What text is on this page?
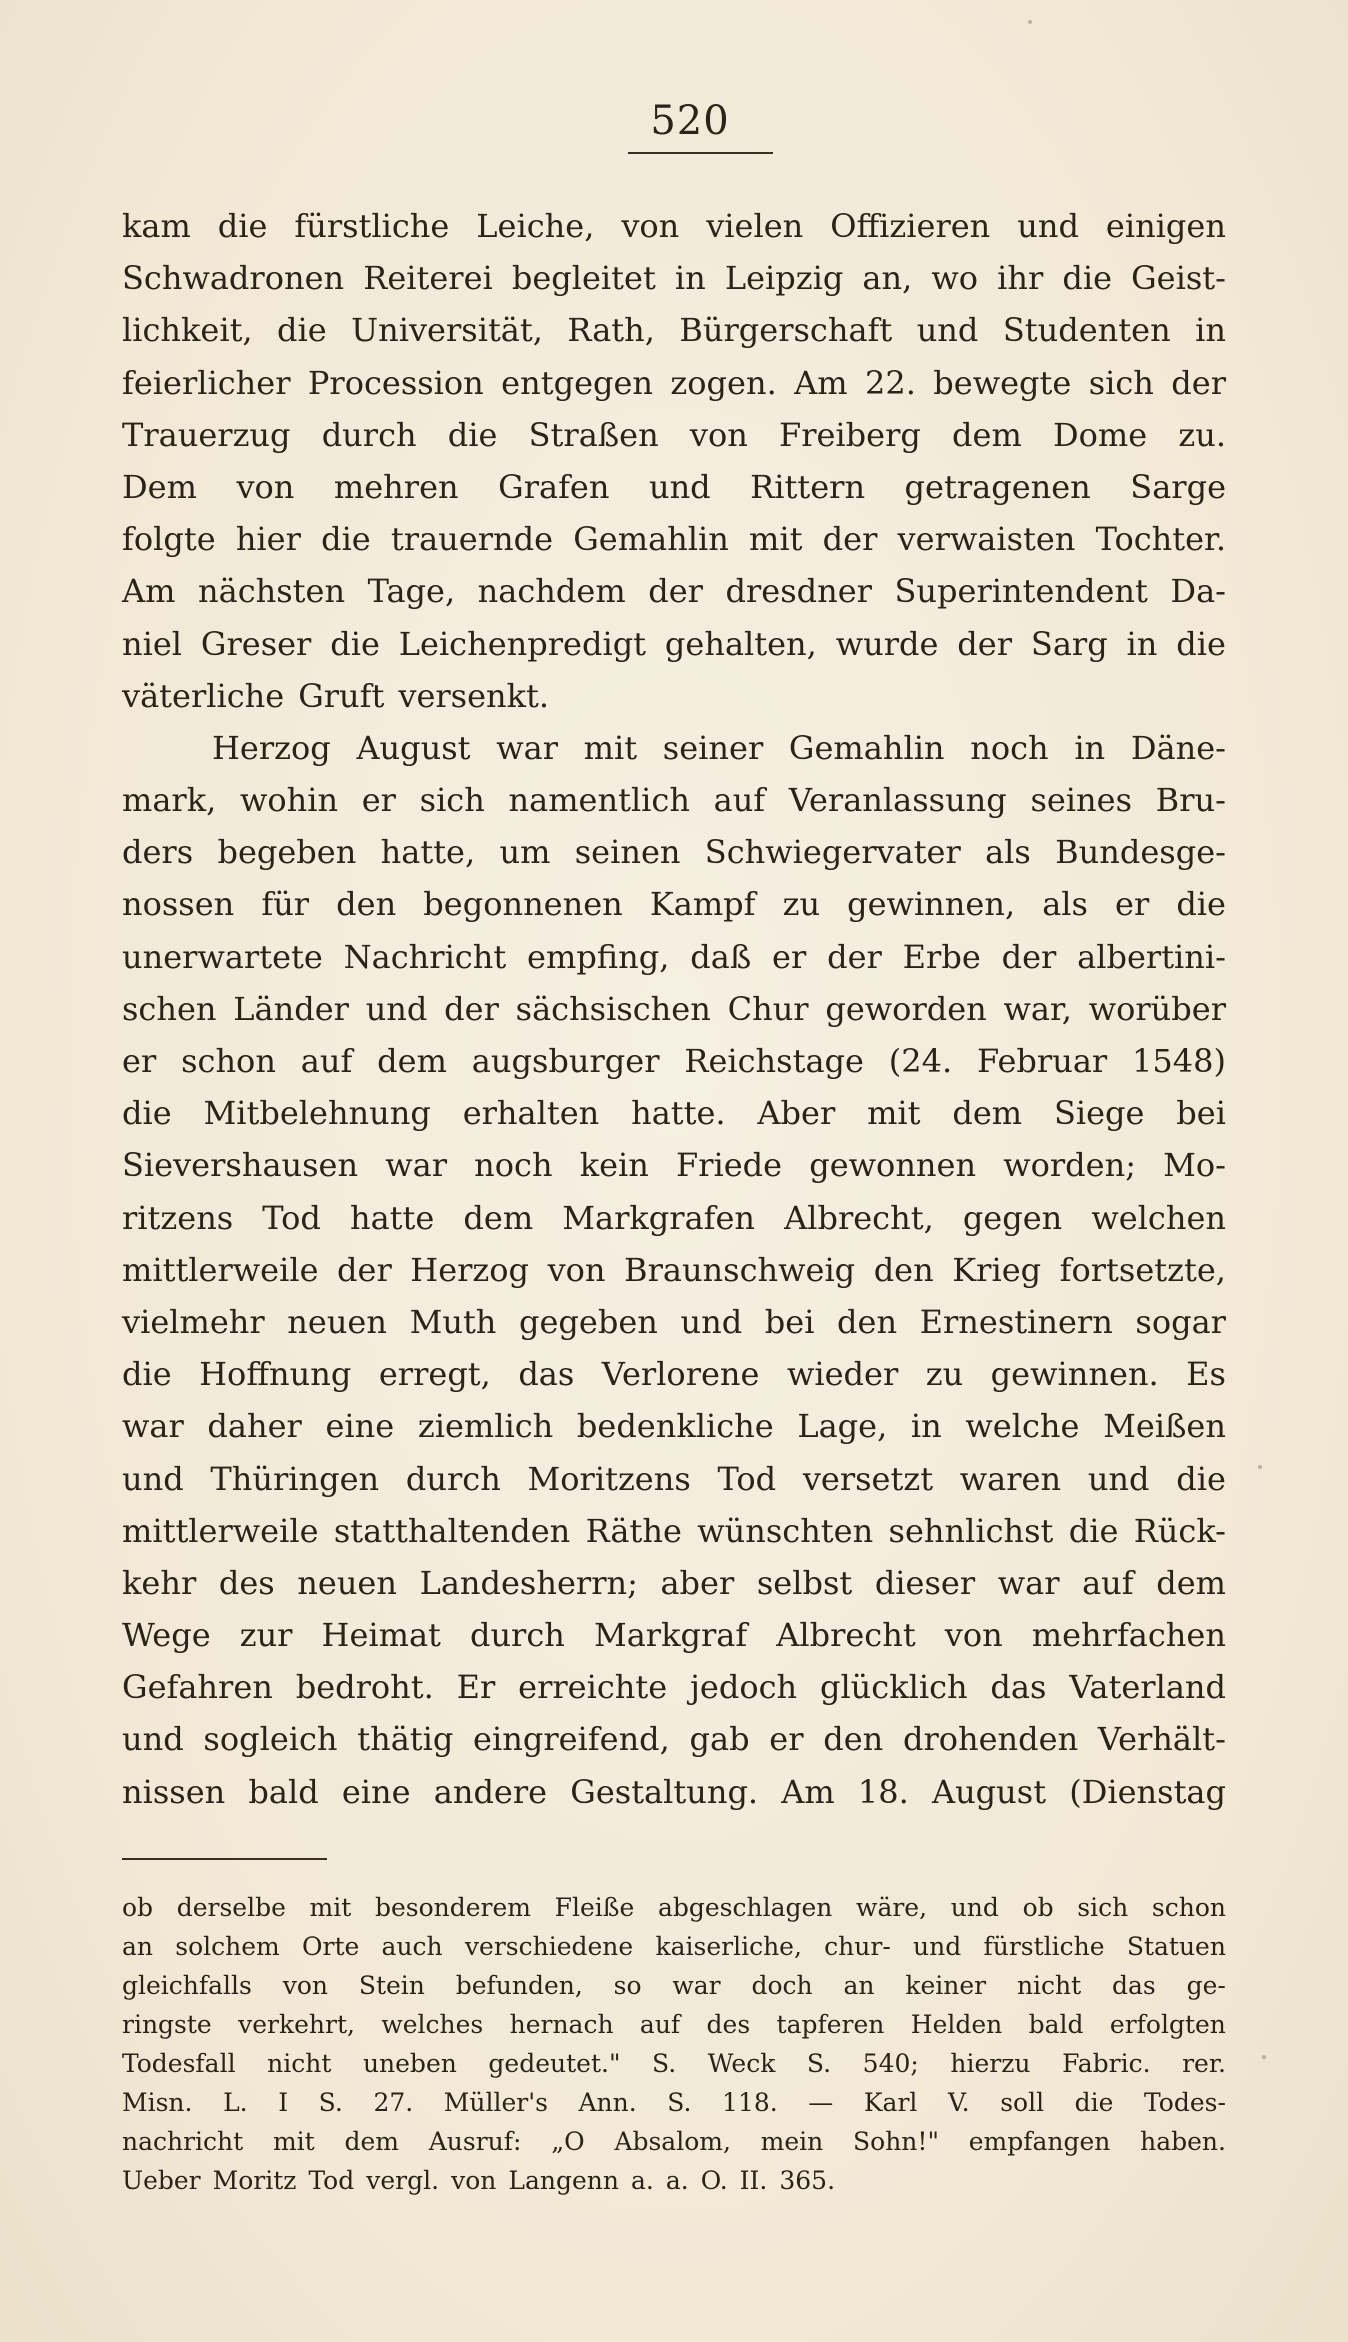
520
kam die fürstliche Leiche, von vielen Offizieren und einigen
Schwadronen Reiterei begleitet in Leipzig an, wo ihr die Geist-
lichkeit, die Universität, Rath, Bürgerschaft und Studenten in
feierlicher Procession entgegen zogen. Am 22. bewegte sich der
Trauerzug durch die Straßen von Freiberg dem Dome zu.
Dem von mehren Grafen und Rittern getragenen Sarge
folgte hier die trauernde Gemahlin mit der verwaisten Tochter.
Am nächsten Tage, nachdem der dresdner Superintendent Da-
niel Greser die Leichenpredigt gehalten, wurde der Sarg in die
väterliche Gruft versenkt.
Herzog August war mit seiner Gemahlin noch in Däne-
mark, wohin er sich namentlich auf Veranlassung seines Bru-
ders begeben hatte, um seinen Schwiegervater als Bundesge-
nossen für den begonnenen Kampf zu gewinnen, als er die
unerwartete Nachricht empfing, daß er der Erbe der albertini-
schen Länder und der sächsischen Chur geworden war, worüber
er schon auf dem augsburger Reichstage (24. Februar 1548)
die Mitbelehnung erhalten hatte. Aber mit dem Siege bei
Sievershausen war noch kein Friede gewonnen worden; Mo-
ritzens Tod hatte dem Markgrafen Albrecht, gegen welchen
mittlerweile der Herzog von Braunschweig den Krieg fortsetzte,
vielmehr neuen Muth gegeben und bei den Ernestinern sogar
die Hoffnung erregt, das Verlorene wieder zu gewinnen. Es
war daher eine ziemlich bedenkliche Lage, in welche Meißen
und Thüringen durch Moritzens Tod versetzt waren und die
mittlerweile statthaltenden Räthe wünschten sehnlichst die Rück-
kehr des neuen Landesherrn; aber selbst dieser war auf dem
Wege zur Heimat durch Markgraf Albrecht von mehrfachen
Gefahren bedroht. Er erreichte jedoch glücklich das Vaterland
und sogleich thätig eingreifend, gab er den drohenden Verhält-
nissen bald eine andere Gestaltung. Am 18. August (Dienstag
ob derselbe mit besonderem Fleiße abgeschlagen wäre, und ob sich schon
an solchem Orte auch verschiedene kaiserliche, chur- und fürstliche Statuen
gleichfalls von Stein befunden, so war doch an keiner nicht das ge-
ringste verkehrt, welches hernach auf des tapferen Helden bald erfolgten
Todesfall nicht uneben gedeutet." S. Weck S. 540; hierzu Fabric. rer.
Misn. L. I S. 27. Müller's Ann. S. 118. — Karl V. soll die Todes-
nachricht mit dem Ausruf: „O Absalom, mein Sohn!" empfangen haben.
Ueber Moritz Tod vergl. von Langenn a. a. O. II. 365.
